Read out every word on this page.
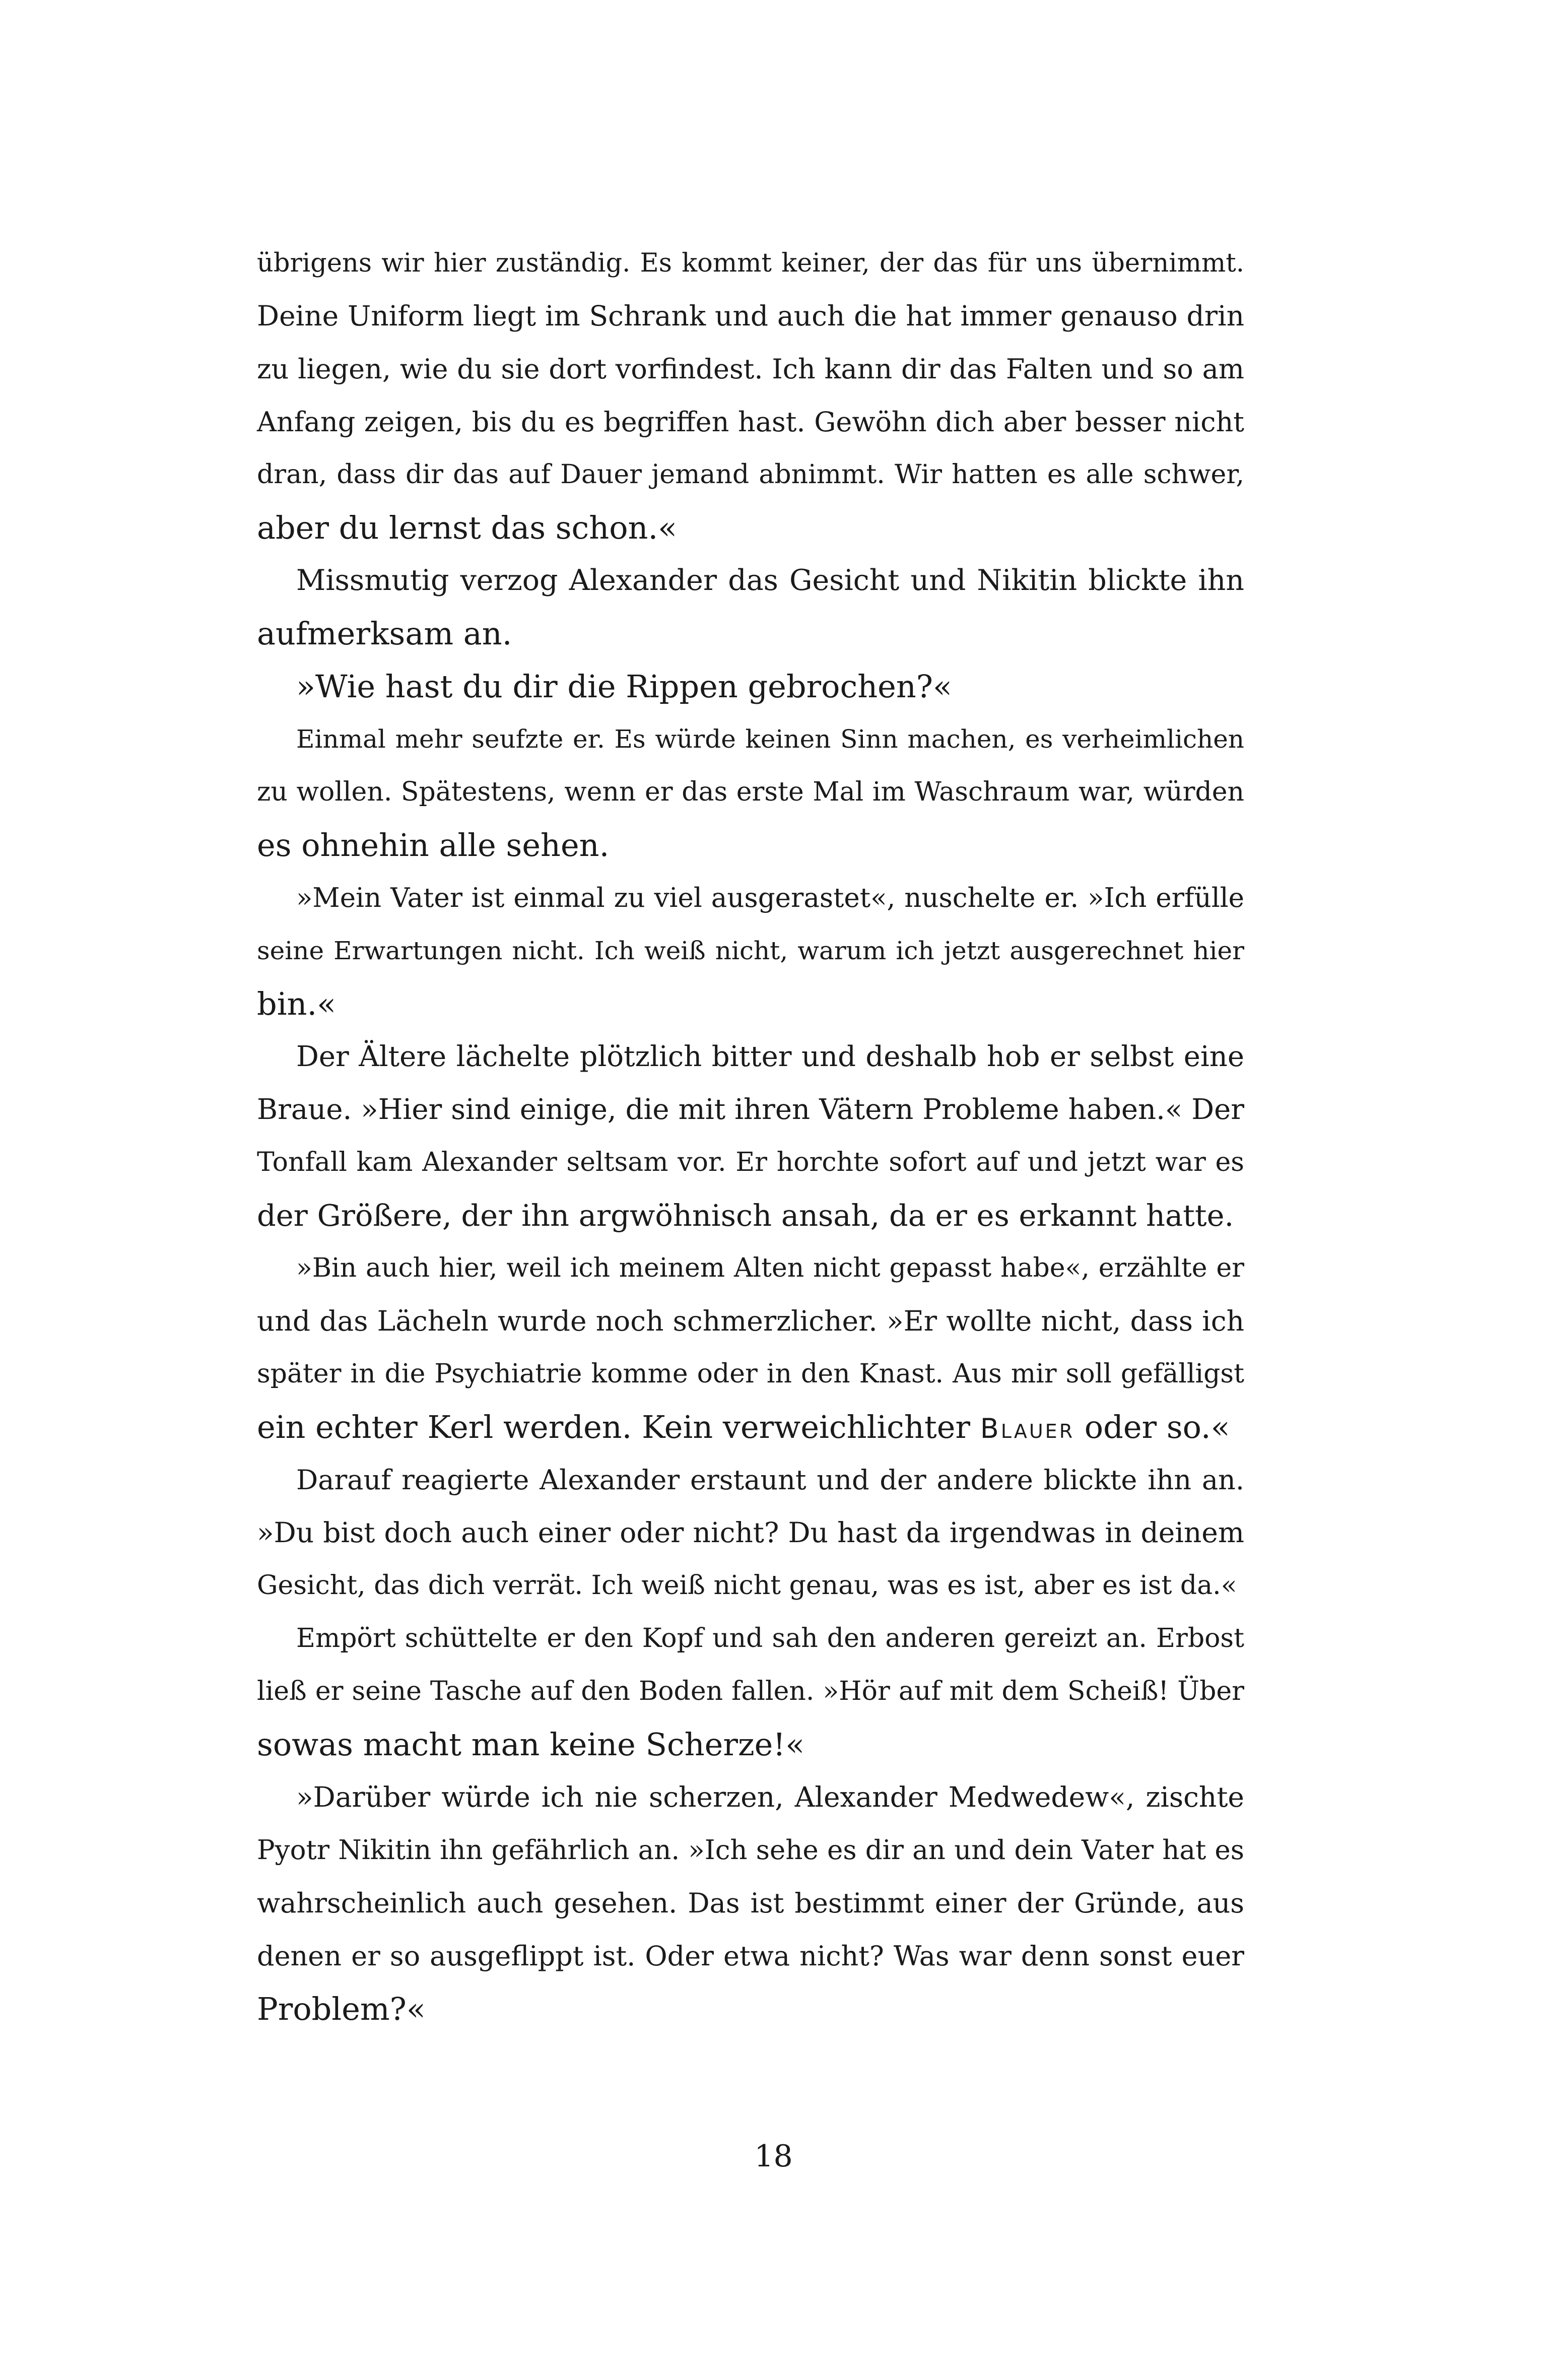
übrigens wir hier zuständig. Es kommt keiner, der das für uns übernimmt.
Deine Uniform liegt im Schrank und auch die hat immer genauso drin
zu liegen, wie du sie dort vorfindest. Ich kann dir das Falten und so am
Anfang zeigen, bis du es begriffen hast. Gewöhn dich aber besser nicht
dran, dass dir das auf Dauer jemand abnimmt. Wir hatten es alle schwer,
aber du lernst das schon.«
Missmutig verzog Alexander das Gesicht und Nikitin blickte ihn
aufmerksam an.
»Wie hast du dir die Rippen gebrochen?«
Einmal mehr seufzte er. Es würde keinen Sinn machen, es verheimlichen
zu wollen. Spätestens, wenn er das erste Mal im Waschraum war, würden
es ohnehin alle sehen.
»Mein Vater ist einmal zu viel ausgerastet«, nuschelte er. »Ich erfülle
seine Erwartungen nicht. Ich weiß nicht, warum ich jetzt ausgerechnet hier
bin.«
Der Ältere lächelte plötzlich bitter und deshalb hob er selbst eine
Braue. »Hier sind einige, die mit ihren Vätern Probleme haben.« Der
Tonfall kam Alexander seltsam vor. Er horchte sofort auf und jetzt war es
der Größere, der ihn argwöhnisch ansah, da er es erkannt hatte.
»Bin auch hier, weil ich meinem Alten nicht gepasst habe«, erzählte er
und das Lächeln wurde noch schmerzlicher. »Er wollte nicht, dass ich
später in die Psychiatrie komme oder in den Knast. Aus mir soll gefälligst
ein echter Kerl werden. Kein verweichlichter Blauer oder so.«
Darauf reagierte Alexander erstaunt und der andere blickte ihn an.
»Du bist doch auch einer oder nicht? Du hast da irgendwas in deinem
Gesicht, das dich verrät. Ich weiß nicht genau, was es ist, aber es ist da.«
Empört schüttelte er den Kopf und sah den anderen gereizt an. Erbost
ließ er seine Tasche auf den Boden fallen. »Hör auf mit dem Scheiß! Über
sowas macht man keine Scherze!«
»Darüber würde ich nie scherzen, Alexander Medwedew«, zischte
Pyotr Nikitin ihn gefährlich an. »Ich sehe es dir an und dein Vater hat es
wahrscheinlich auch gesehen. Das ist bestimmt einer der Gründe, aus
denen er so ausgeflippt ist. Oder etwa nicht? Was war denn sonst euer
Problem?«
18
